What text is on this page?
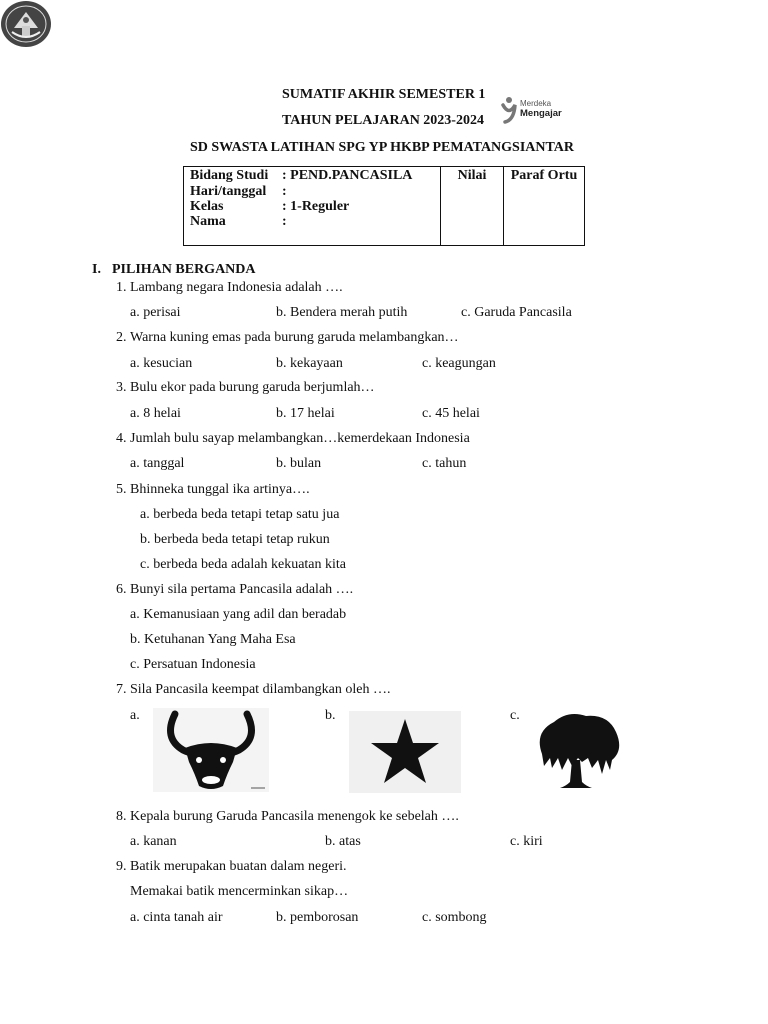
Merdeka
Mengajar
SUMATIF AKHIR SEMESTER 1
TAHUN PELAJARAN 2023-2024
SD SWASTA LATIHAN SPG YP HKBP PEMATANGSIANTAR
Bidang Studi : PEND.PANCASILA
Hari/tanggal :
Kelas	: 1-Reguler
Nama	:

Nilai	Paraf Ortu
I. PILIHAN BERGANDA
1. Lambang negara Indonesia adalah ….
a. perisai	b. Bendera merah putih	c. Garuda Pancasila
2. Warna kuning emas pada burung garuda melambangkan…
a. kesucian	b. kekayaan	c. keagungan
3. Bulu ekor pada burung garuda berjumlah…
a. 8 helai	b. 17 helai	c. 45 helai
4. Jumlah bulu sayap melambangkan…kemerdekaan Indonesia
a. tanggal	b. bulan	c. tahun
5. Bhinneka tunggal ika artinya….
a. berbeda beda tetapi tetap satu jua
b. berbeda beda tetapi tetap rukun
c. berbeda beda adalah kekuatan kita
6. Bunyi sila pertama Pancasila adalah ….
a. Kemanusiaan yang adil dan beradab
b. Ketuhanan Yang Maha Esa
c. Persatuan Indonesia
7. Sila Pancasila keempat dilambangkan oleh ….
a.	b.	c.
8. Kepala burung Garuda Pancasila menengok ke sebelah ….
a. kanan	b. atas	c. kiri
9. Batik merupakan buatan dalam negeri.
Memakai batik mencerminkan sikap…
a. cinta tanah air	b. pemborosan	c. sombong
